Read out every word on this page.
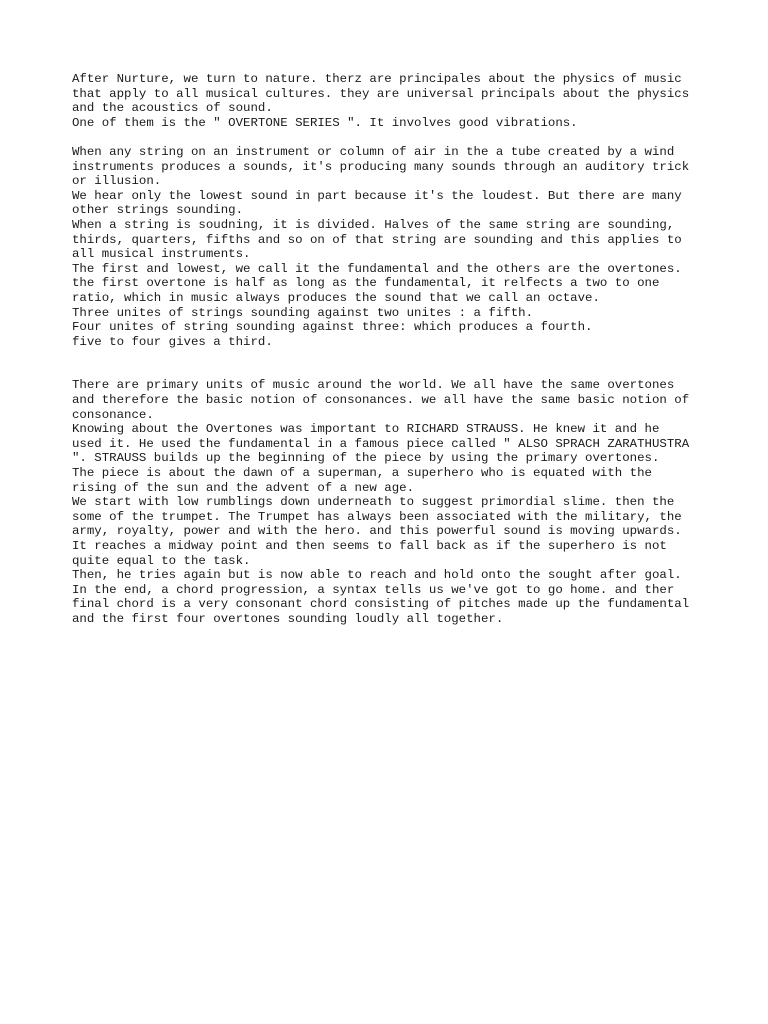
After Nurture, we turn to nature. therz are principales about the physics of music
that apply to all musical cultures. they are universal principals about the physics
and the acoustics of sound.
One of them is the " OVERTONE SERIES ". It involves good vibrations.
When any string on an instrument or column of air in the a tube created by a wind
instruments produces a sounds, it's producing many sounds through an auditory trick
or illusion.
We hear only the lowest sound in part because it's the loudest. But there are many
other strings sounding.
When a string is soudning, it is divided. Halves of the same string are sounding,
thirds, quarters, fifths and so on of that string are sounding and this applies to
all musical instruments.
The first and lowest, we call it the fundamental and the others are the overtones.
the first overtone is half as long as the fundamental, it relfects a two to one
ratio, which in music always produces the sound that we call an octave.
Three unites of strings sounding against two unites : a fifth.
Four unites of string sounding against three: which produces a fourth.
five to four gives a third.
There are primary units of music around the world. We all have the same overtones
and therefore the basic notion of consonances. we all have the same basic notion of
consonance.
Knowing about the Overtones was important to RICHARD STRAUSS. He knew it and he
used it. He used the fundamental in a famous piece called " ALSO SPRACH ZARATHUSTRA
". STRAUSS builds up the beginning of the piece by using the primary overtones.
The piece is about the dawn of a superman, a superhero who is equated with the
rising of the sun and the advent of a new age.
We start with low rumblings down underneath to suggest primordial slime. then the
some of the trumpet. The Trumpet has always been associated with the military, the
army, royalty, power and with the hero. and this powerful sound is moving upwards.
It reaches a midway point and then seems to fall back as if the superhero is not
quite equal to the task.
Then, he tries again but is now able to reach and hold onto the sought after goal.
In the end, a chord progression, a syntax tells us we've got to go home. and ther
final chord is a very consonant chord consisting of pitches made up the fundamental
and the first four overtones sounding loudly all together.
